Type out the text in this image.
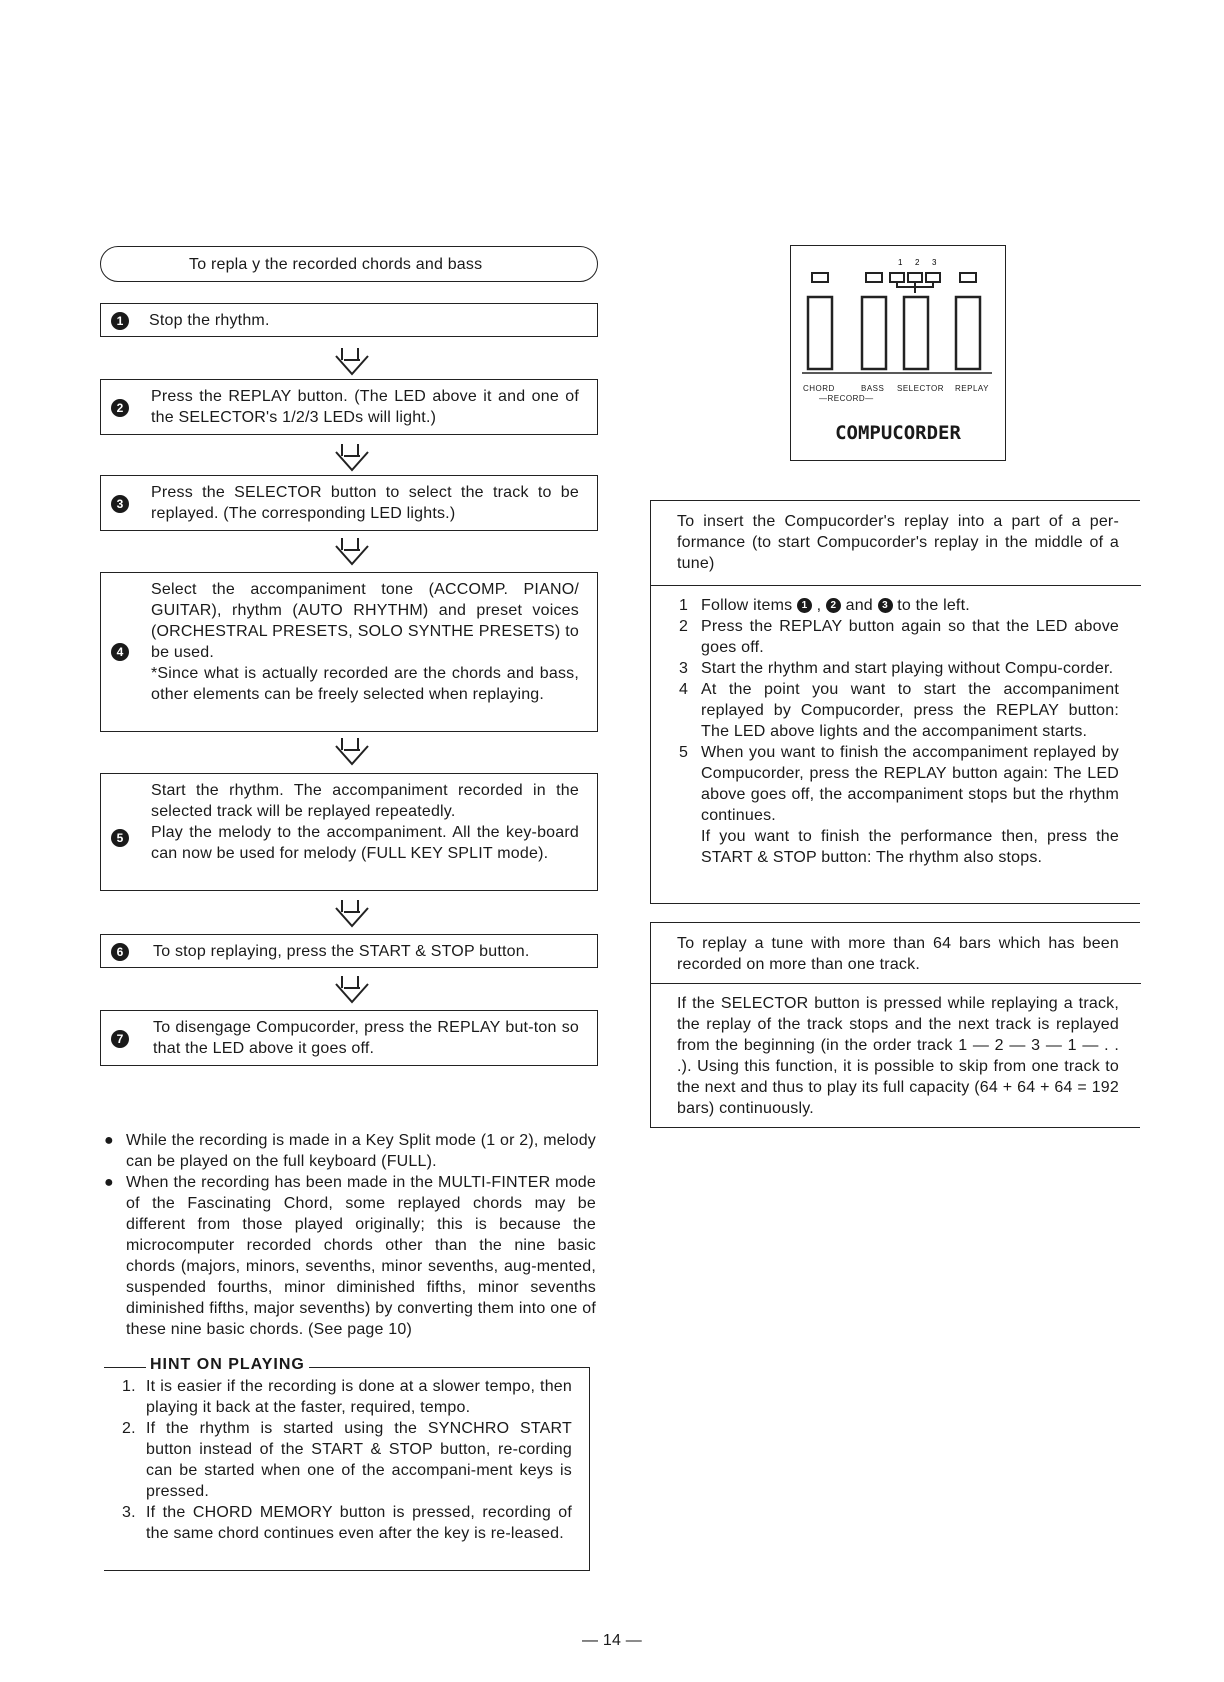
To repla y the recorded chords and bass
1	Stop the rhythm.
2
Press the REPLAY button. (The LED above it and one of the SELECTOR's 1/2/3 LEDs will light.)
3
Press the SELECTOR button to select the track to be replayed. (The corresponding LED lights.)
4
Select the accompaniment tone (ACCOMP. PIANO/ GUITAR), rhythm (AUTO RHYTHM) and preset voices (ORCHESTRAL PRESETS, SOLO SYNTHE PRESETS) to be used.
*Since what is actually recorded are the chords and bass, other elements can be freely selected when replaying.
5
Start the rhythm. The accompaniment recorded in the selected track will be replayed repeatedly.
Play the melody to the accompaniment. All the key-board can now be used for melody (FULL KEY SPLIT mode).
6	To stop replaying, press the START & STOP button.
7
To disengage Compucorder, press the REPLAY but-ton so that the LED above it goes off.
● While the recording is made in a Key Split mode (1 or 2), melody can be played on the full keyboard (FULL).
● When the recording has been made in the MULTI-FINTER mode of the Fascinating Chord, some replayed chords may be different from those played originally; this is because the microcomputer recorded chords other than the nine basic chords (majors, minors, sevenths, minor sevenths, aug-mented, suspended fourths, minor diminished fifths, minor sevenths diminished fifths, major sevenths) by converting them into one of these nine basic chords. (See page 10)
HINT ON PLAYING
1. It is easier if the recording is done at a slower tempo, then playing it back at the faster, required, tempo.
2. If the rhythm is started using the SYNCHRO START button instead of the START & STOP button, re-cording can be started when one of the accompani-ment keys is pressed.
3. If the CHORD MEMORY button is pressed, recording of the same chord continues even after the key is re-leased.
1 2 3
CHORD	BASS SELECTOR REPLAY
—RECORD—
COMPUCORDER
To insert the Compucorder's replay into a part of a per-formance (to start Compucorder's replay in the middle of a tune)
1 Follow items 1 , 2 and 3 to the left.
2 Press the REPLAY button again so that the LED above goes off.
3 Start the rhythm and start playing without Compu-corder.
4 At the point you want to start the accompaniment replayed by Compucorder, press the REPLAY button: The LED above lights and the accompaniment starts.
5 When you want to finish the accompaniment replayed by Compucorder, press the REPLAY button again: The LED above goes off, the accompaniment stops but the rhythm continues.
If you want to finish the performance then, press the START & STOP button: The rhythm also stops.
To replay a tune with more than 64 bars which has been recorded on more than one track.
If the SELECTOR button is pressed while replaying a track, the replay of the track stops and the next track is replayed from the beginning (in the order track 1 — 2 — 3 — 1 — . . .). Using this function, it is possible to skip from one track to the next and thus to play its full capacity (64 + 64 + 64 = 192 bars) continuously.
— 14 —
